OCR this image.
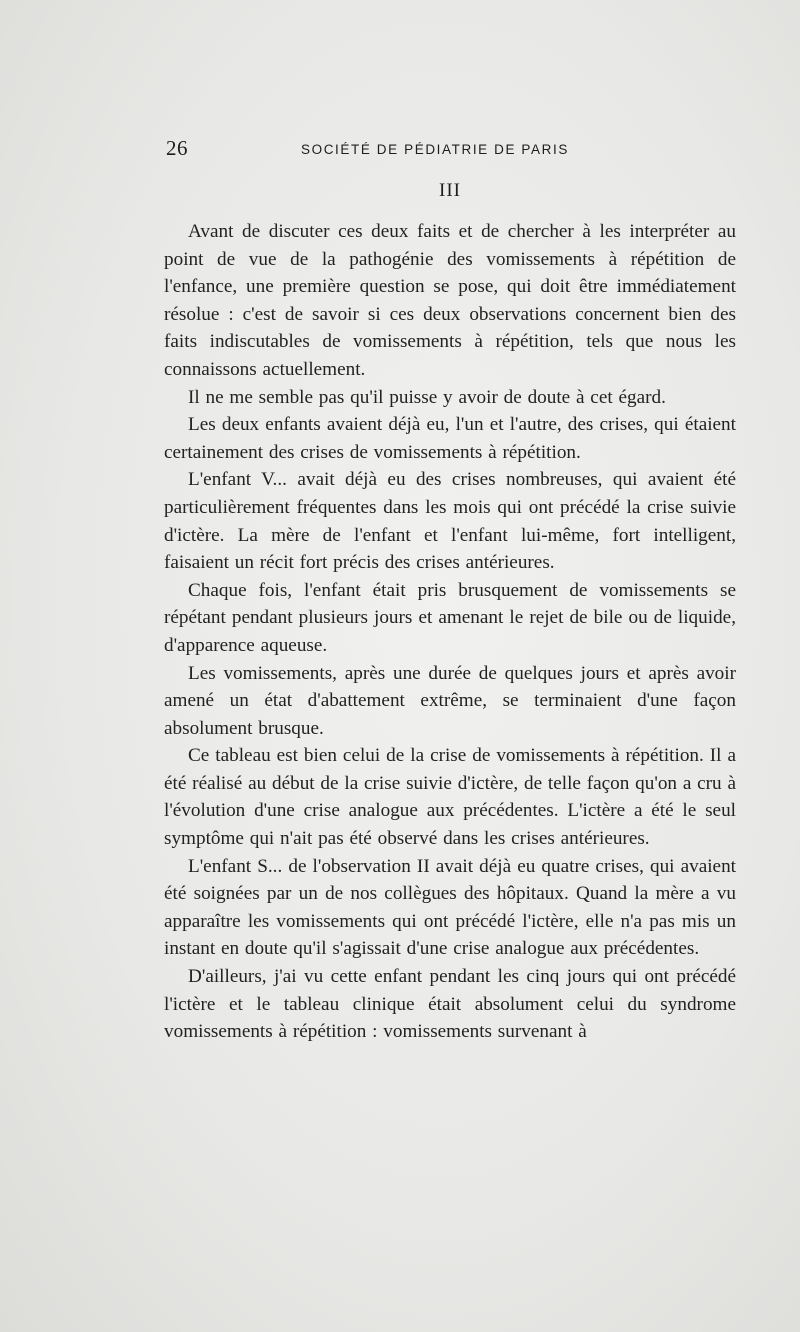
26	SOCIÉTÉ DE PÉDIATRIE DE PARIS
III

Avant de discuter ces deux faits et de chercher à les interpréter au point de vue de la pathogénie des vomissements à répétition de l'enfance, une première question se pose, qui doit être immédiatement résolue : c'est de savoir si ces deux observations concernent bien des faits indiscutables de vomissements à répétition, tels que nous les connaissons actuellement.

Il ne me semble pas qu'il puisse y avoir de doute à cet égard.

Les deux enfants avaient déjà eu, l'un et l'autre, des crises, qui étaient certainement des crises de vomissements à répétition.

L'enfant V... avait déjà eu des crises nombreuses, qui avaient été particulièrement fréquentes dans les mois qui ont précédé la crise suivie d'ictère. La mère de l'enfant et l'enfant lui-même, fort intelligent, faisaient un récit fort précis des crises antérieures.

Chaque fois, l'enfant était pris brusquement de vomissements se répétant pendant plusieurs jours et amenant le rejet de bile ou de liquide, d'apparence aqueuse.

Les vomissements, après une durée de quelques jours et après avoir amené un état d'abattement extrême, se terminaient d'une façon absolument brusque.

Ce tableau est bien celui de la crise de vomissements à répétition. Il a été réalisé au début de la crise suivie d'ictère, de telle façon qu'on a cru à l'évolution d'une crise analogue aux précédentes. L'ictère a été le seul symptôme qui n'ait pas été observé dans les crises antérieures.

L'enfant S... de l'observation II avait déjà eu quatre crises, qui avaient été soignées par un de nos collègues des hôpitaux. Quand la mère a vu apparaître les vomissements qui ont précédé l'ictère, elle n'a pas mis un instant en doute qu'il s'agissait d'une crise analogue aux précédentes.

D'ailleurs, j'ai vu cette enfant pendant les cinq jours qui ont précédé l'ictère et le tableau clinique était absolument celui du syndrome vomissements à répétition : vomissements survenant à
